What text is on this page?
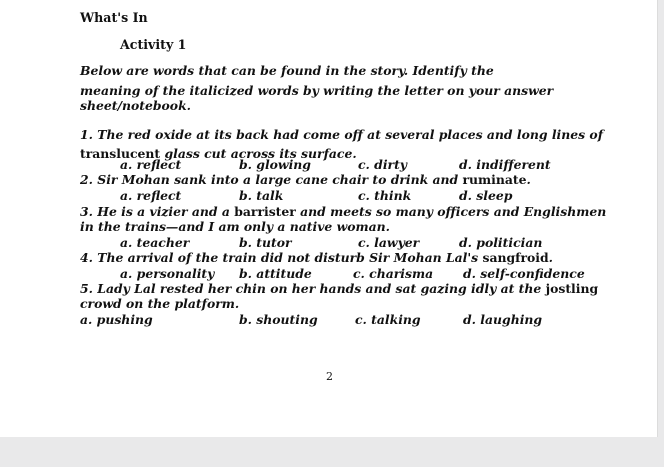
What's In
Activity 1
Below are words that can be found in the story. Identify the
meaning of the italicized words by writing the letter on your answer
sheet/notebook.
1. The red oxide at its back had come off at several places and long lines of
translucent glass cut across its surface.
a. reflect	b. glowing	c. dirty	d. indifferent
2. Sir Mohan sank into a large cane chair to drink and ruminate.
a. reflect	b. talk	c. think	d. sleep
3. He is a vizier and a barrister and meets so many officers and Englishmen
in the trains—and I am only a native woman.
a. teacher	b. tutor	c. lawyer	d. politician
4. The arrival of the train did not disturb Sir Mohan Lal's sangfroid.
a. personality b. attitude	c. charisma d. self-confidence
5. Lady Lal rested her chin on her hands and sat gazing idly at the jostling
crowd on the platform.
a. pushing	b. shouting	c. talking	d. laughing
2
